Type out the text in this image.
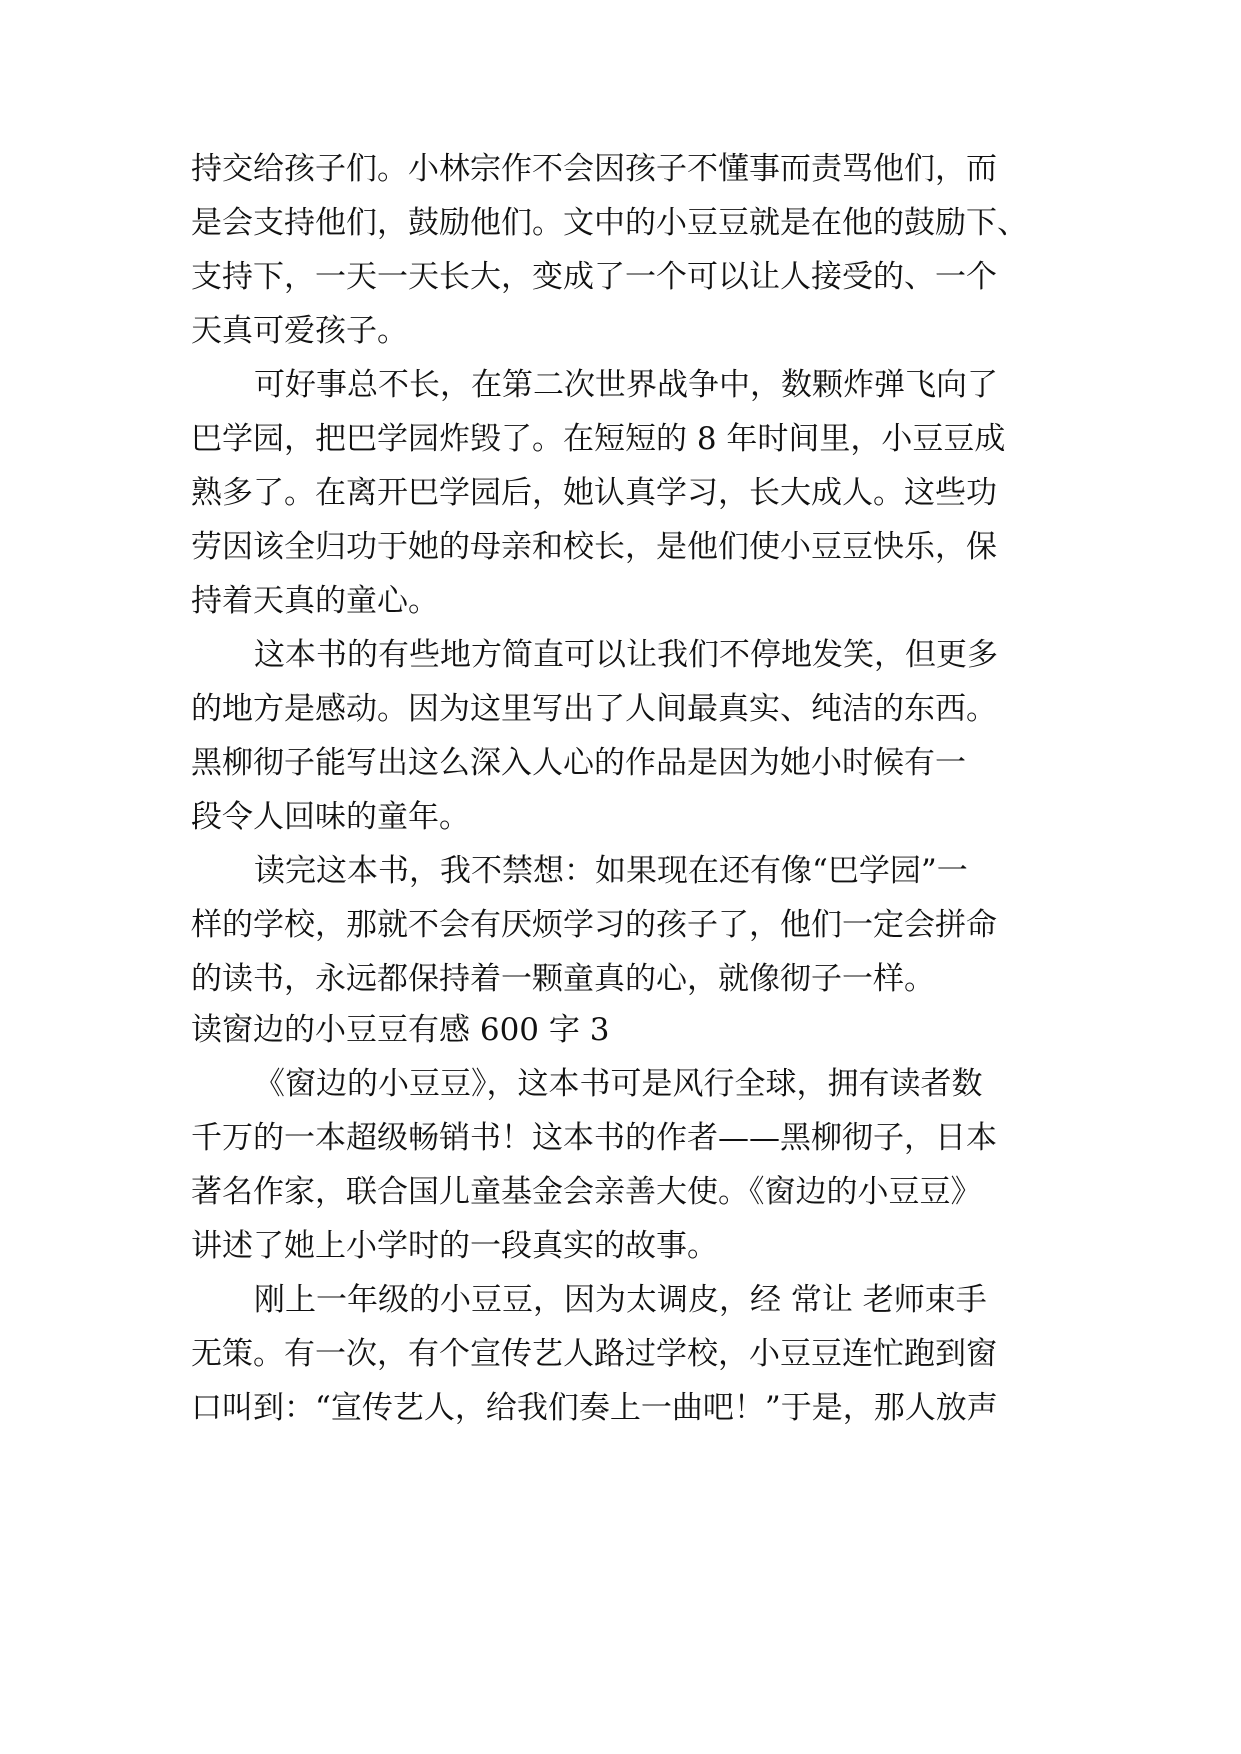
持交给孩子们。小林宗作不会因孩子不懂事而责骂他们，而
是会支持他们，鼓励他们。文中的小豆豆就是在他的鼓励下、
支持下，一天一天长大，变成了一个可以让人接受的、一个
天真可爱孩子。
可好事总不长，在第二次世界战争中，数颗炸弹飞向了
巴学园，把巴学园炸毁了。在短短的 8 年时间里，小豆豆成
熟多了。在离开巴学园后，她认真学习，长大成人。这些功
劳因该全归功于她的母亲和校长，是他们使小豆豆快乐，保
持着天真的童心。
这本书的有些地方简直可以让我们不停地发笑，但更多
的地方是感动。因为这里写出了人间最真实、纯洁的东西。
黑柳彻子能写出这么深入人心的作品是因为她小时候有一
段令人回味的童年。
读完这本书，我不禁想：如果现在还有像“巴学园”一
样的学校，那就不会有厌烦学习的孩子了，他们一定会拼命
的读书，永远都保持着一颗童真的心，就像彻子一样。
读窗边的小豆豆有感 600 字 3
《窗边的小豆豆》，这本书可是风行全球，拥有读者数
千万的一本超级畅销书！这本书的作者——黑柳彻子，日本
著名作家，联合国儿童基金会亲善大使。《窗边的小豆豆》
讲述了她上小学时的一段真实的故事。
刚上一年级的小豆豆，因为太调皮，经 常让 老师束手
无策。有一次，有个宣传艺人路过学校，小豆豆连忙跑到窗
口叫到：“宣传艺人，给我们奏上一曲吧！”于是，那人放声
